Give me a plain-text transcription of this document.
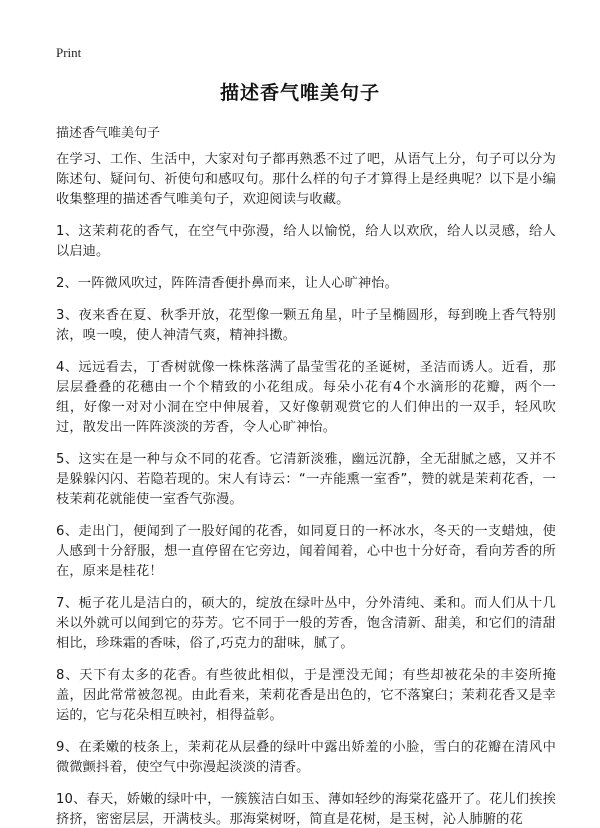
Print
描述香气唯美句子
描述香气唯美句子

在学习、工作、生活中，大家对句子都再熟悉不过了吧，从语气上分，句子可以分为陈述句、疑问句、祈使句和感叹句。那什么样的句子才算得上是经典呢？以下是小编收集整理的描述香气唯美句子，欢迎阅读与收藏。

1、这茉莉花的香气，在空气中弥漫，给人以愉悦，给人以欢欣，给人以灵感，给人以启迪。

2、一阵微风吹过，阵阵清香便扑鼻而来，让人心旷神怡。

3、夜来香在夏、秋季开放，花型像一颗五角星，叶子呈椭圆形，每到晚上香气特别浓，嗅一嗅，使人神清气爽，精神抖擞。

4、远远看去，丁香树就像一株株落满了晶莹雪花的圣诞树，圣洁而诱人。近看，那层层叠叠的花穗由一个个精致的小花组成。每朵小花有4个水滴形的花瓣，两个一组，好像一对对小洞在空中伸展着，又好像朝观赏它的人们伸出的一双手，轻风吹过，散发出一阵阵淡淡的芳香，令人心旷神怡。

5、这实在是一种与众不同的花香。它清新淡雅，幽远沉静，全无甜腻之感，又并不是躲躲闪闪、若隐若现的。宋人有诗云：“一卉能熏一室香”，赞的就是茉莉花香，一枝茉莉花就能使一室香气弥漫。

6、走出门，便闻到了一股好闻的花香，如同夏日的一杯冰水，冬天的一支蜡烛，使人感到十分舒服，想一直停留在它旁边，闻着闻着，心中也十分好奇，看向芳香的所在，原来是桂花！

7、栀子花儿是洁白的，硕大的，绽放在绿叶丛中，分外清纯、柔和。而人们从十几米以外就可以闻到它的芬芳。它不同于一般的芳香，饱含清新、甜美，和它们的清甜相比，珍珠霜的香味，俗了,巧克力的甜味，腻了。

8、天下有太多的花香。有些彼此相似，于是湮没无闻；有些却被花朵的丰姿所掩盖，因此常常被忽视。由此看来，茉莉花香是出色的，它不落窠臼；茉莉花香又是幸运的，它与花朵相互映衬，相得益彰。

9、在柔嫩的枝条上，茉莉花从层叠的绿叶中露出娇羞的小脸，雪白的花瓣在清风中微微颤抖着，使空气中弥漫起淡淡的清香。

10、春天，娇嫩的绿叶中，一簇簇洁白如玉、薄如轻纱的海棠花盛开了。花儿们挨挨挤挤，密密层层，开满枝头。那海棠树呀，简直是花树，是玉树，沁人肺腑的花
